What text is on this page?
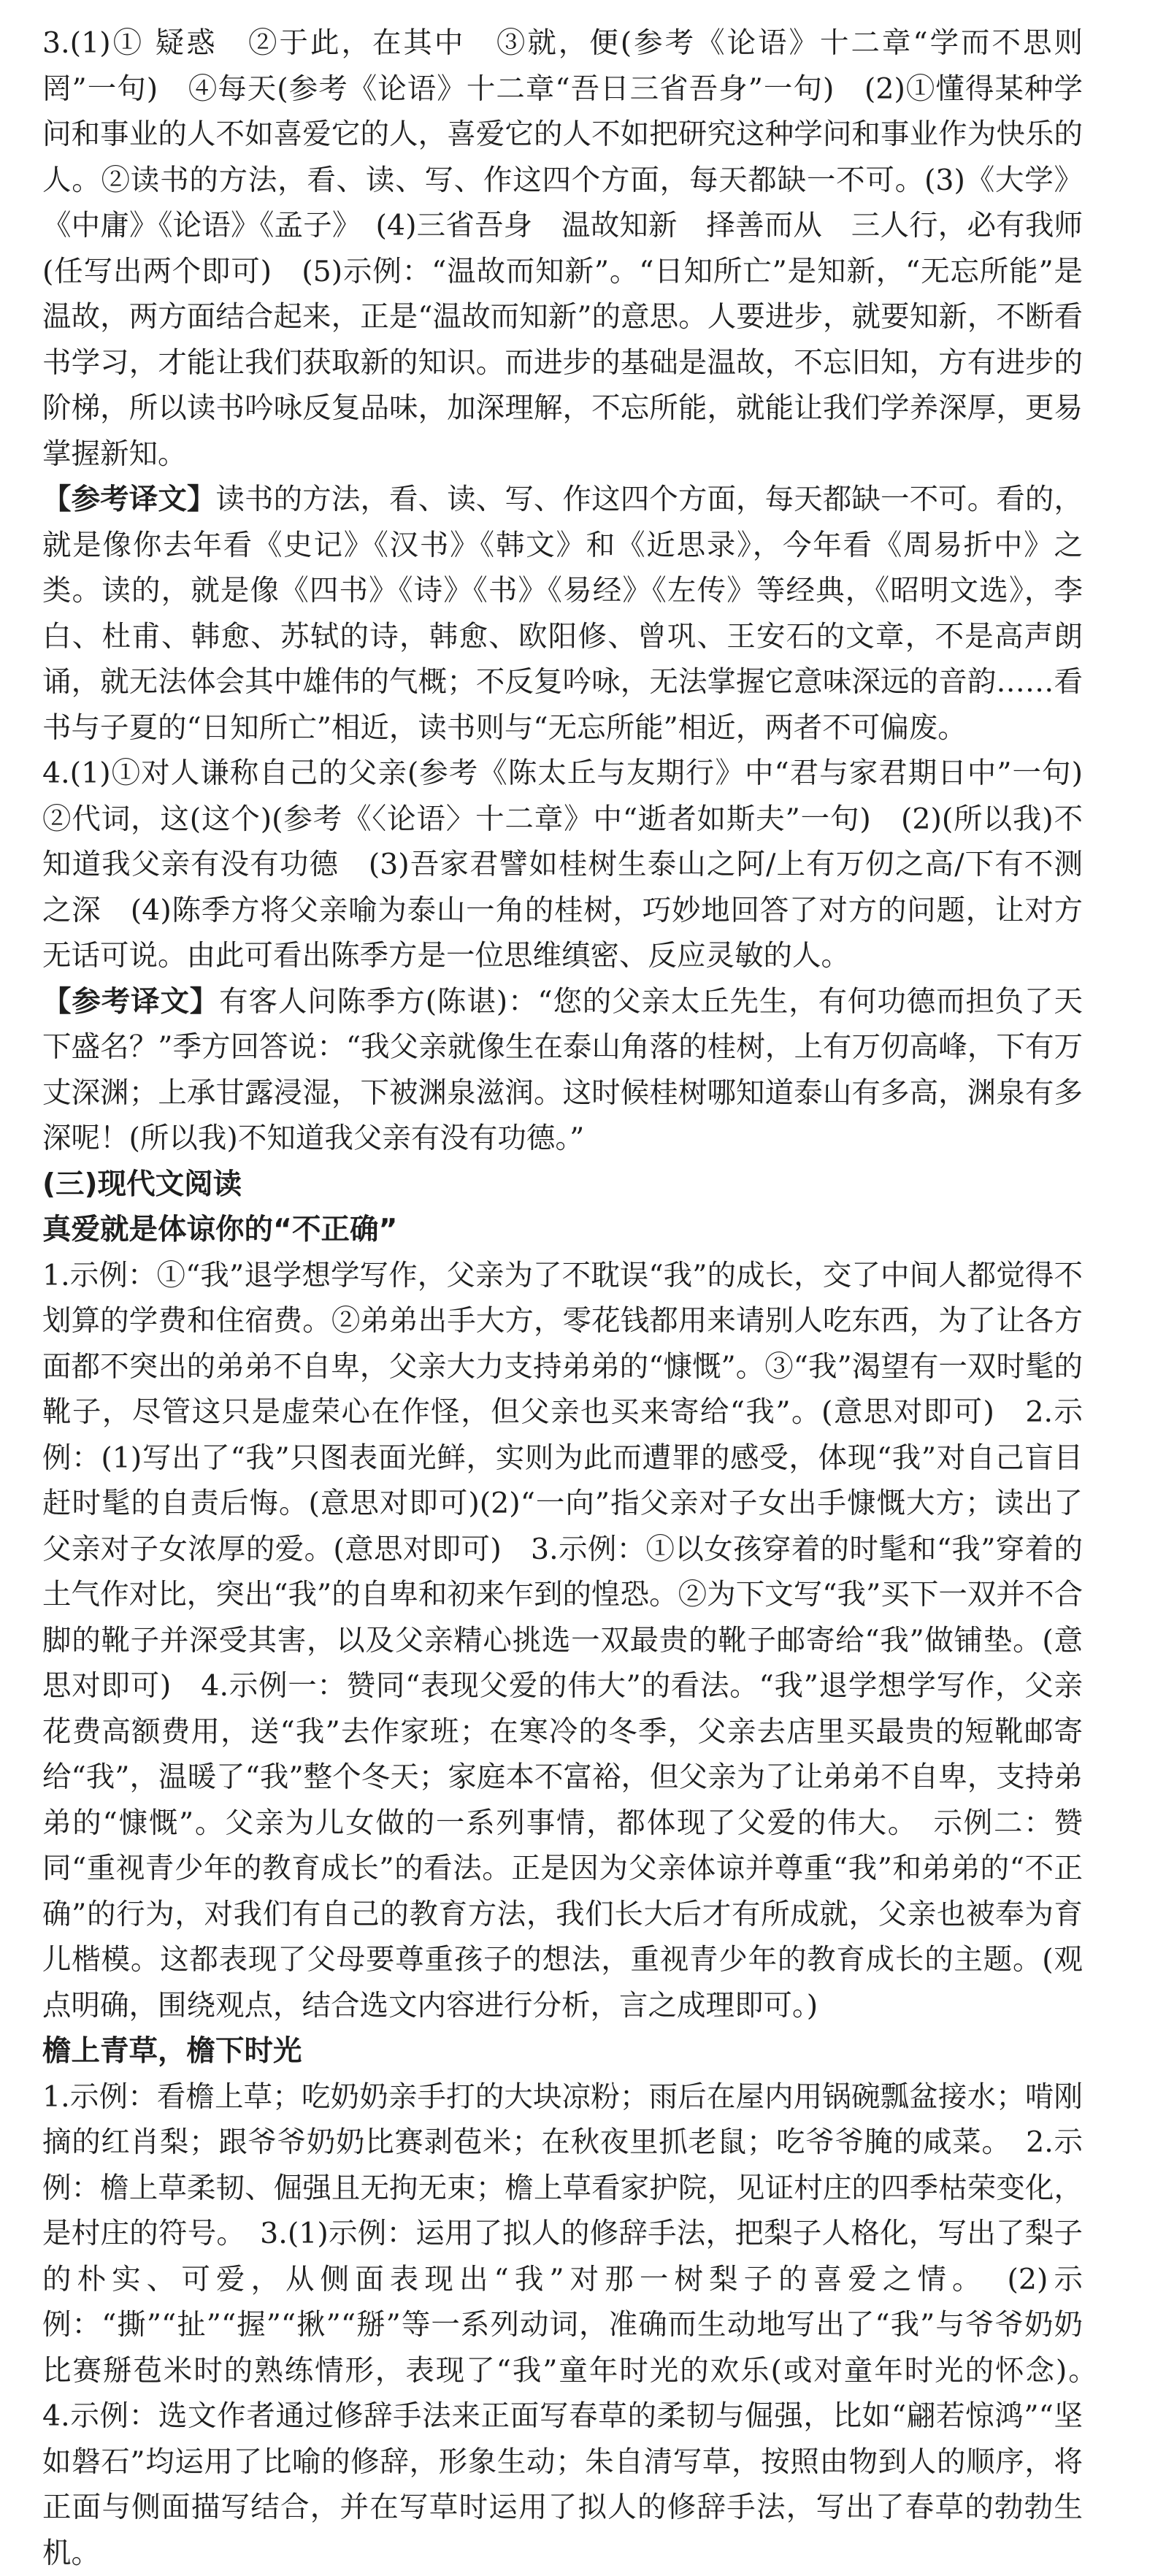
3.(1)① 疑惑　②于此，在其中　③就，便(参考《论语》十二章“学而不思则罔”一句)　④每天(参考《论语》十二章“吾日三省吾身”一句)　(2)①懂得某种学问和事业的人不如喜爱它的人，喜爱它的人不如把研究这种学问和事业作为快乐的人。②读书的方法，看、读、写、作这四个方面，每天都缺一不可。(3)《大学》《中庸》《论语》《孟子》　(4)三省吾身　温故知新　择善而从　三人行，必有我师　(任写出两个即可)　(5)示例：“温故而知新”。“日知所亡”是知新，“无忘所能”是温故，两方面结合起来，正是“温故而知新”的意思。人要进步，就要知新，不断看书学习，才能让我们获取新的知识。而进步的基础是温故，不忘旧知，方有进步的阶梯，所以读书吟咏反复品味，加深理解，不忘所能，就能让我们学养深厚，更易掌握新知。

【参考译文】读书的方法，看、读、写、作这四个方面，每天都缺一不可。看的，就是像你去年看《史记》《汉书》《韩文》和《近思录》，今年看《周易折中》之类。读的，就是像《四书》《诗》《书》《易经》《左传》等经典，《昭明文选》，李白、杜甫、韩愈、苏轼的诗，韩愈、欧阳修、曾巩、王安石的文章，不是高声朗诵，就无法体会其中雄伟的气概；不反复吟咏，无法掌握它意味深远的音韵……看书与子夏的“日知所亡”相近，读书则与“无忘所能”相近，两者不可偏废。

4.(1)①对人谦称自己的父亲(参考《陈太丘与友期行》中“君与家君期日中”一句)②代词，这(这个)(参考《〈论语〉十二章》中“逝者如斯夫”一句)　(2)(所以我)不知道我父亲有没有功德　(3)吾家君譬如桂树生泰山之阿/上有万仞之高/下有不测之深　(4)陈季方将父亲喻为泰山一角的桂树，巧妙地回答了对方的问题，让对方无话可说。由此可看出陈季方是一位思维缜密、反应灵敏的人。

【参考译文】有客人问陈季方(陈谌)：“您的父亲太丘先生，有何功德而担负了天下盛名？”季方回答说：“我父亲就像生在泰山角落的桂树，上有万仞高峰，下有万丈深渊；上承甘露浸湿，下被渊泉滋润。这时候桂树哪知道泰山有多高，渊泉有多深呢！(所以我)不知道我父亲有没有功德。”

(三)现代文阅读

真爱就是体谅你的“不正确”

1.示例：①“我”退学想学写作，父亲为了不耽误“我”的成长，交了中间人都觉得不划算的学费和住宿费。②弟弟出手大方，零花钱都用来请别人吃东西，为了让各方面都不突出的弟弟不自卑，父亲大力支持弟弟的“慷慨”。③“我”渴望有一双时髦的靴子，尽管这只是虚荣心在作怪，但父亲也买来寄给“我”。(意思对即可)　2.示例：(1)写出了“我”只图表面光鲜，实则为此而遭罪的感受，体现“我”对自己盲目赶时髦的自责后悔。(意思对即可)(2)“一向”指父亲对子女出手慷慨大方；读出了父亲对子女浓厚的爱。(意思对即可)　3.示例：①以女孩穿着的时髦和“我”穿着的土气作对比，突出“我”的自卑和初来乍到的惶恐。②为下文写“我”买下一双并不合脚的靴子并深受其害，以及父亲精心挑选一双最贵的靴子邮寄给“我”做铺垫。(意思对即可)　4.示例一：赞同“表现父爱的伟大”的看法。“我”退学想学写作，父亲花费高额费用，送“我”去作家班；在寒冷的冬季，父亲去店里买最贵的短靴邮寄给“我”，温暖了“我”整个冬天；家庭本不富裕，但父亲为了让弟弟不自卑，支持弟弟的“慷慨”。父亲为儿女做的一系列事情，都体现了父爱的伟大。　示例二：赞同“重视青少年的教育成长”的看法。正是因为父亲体谅并尊重“我”和弟弟的“不正确”的行为，对我们有自己的教育方法，我们长大后才有所成就，父亲也被奉为育儿楷模。这都表现了父母要尊重孩子的想法，重视青少年的教育成长的主题。(观点明确，围绕观点，结合选文内容进行分析，言之成理即可。)

檐上青草，檐下时光

1.示例：看檐上草；吃奶奶亲手打的大块凉粉；雨后在屋内用锅碗瓢盆接水；啃刚摘的红肖梨；跟爷爷奶奶比赛剥苞米；在秋夜里抓老鼠；吃爷爷腌的咸菜。　2.示例：檐上草柔韧、倔强且无拘无束；檐上草看家护院，见证村庄的四季枯荣变化，是村庄的符号。　3.(1)示例：运用了拟人的修辞手法，把梨子人格化，写出了梨子的朴实、可爱，从侧面表现出“我”对那一树梨子的喜爱之情。　(2)示例：“撕”“扯”“握”“揪”“掰”等一系列动词，准确而生动地写出了“我”与爷爷奶奶比赛掰苞米时的熟练情形，表现了“我”童年时光的欢乐(或对童年时光的怀念)。　4.示例：选文作者通过修辞手法来正面写春草的柔韧与倔强，比如“翩若惊鸿”“坚如磐石”均运用了比喻的修辞，形象生动；朱自清写草，按照由物到人的顺序，将正面与侧面描写结合，并在写草时运用了拟人的修辞手法，写出了春草的勃勃生机。
